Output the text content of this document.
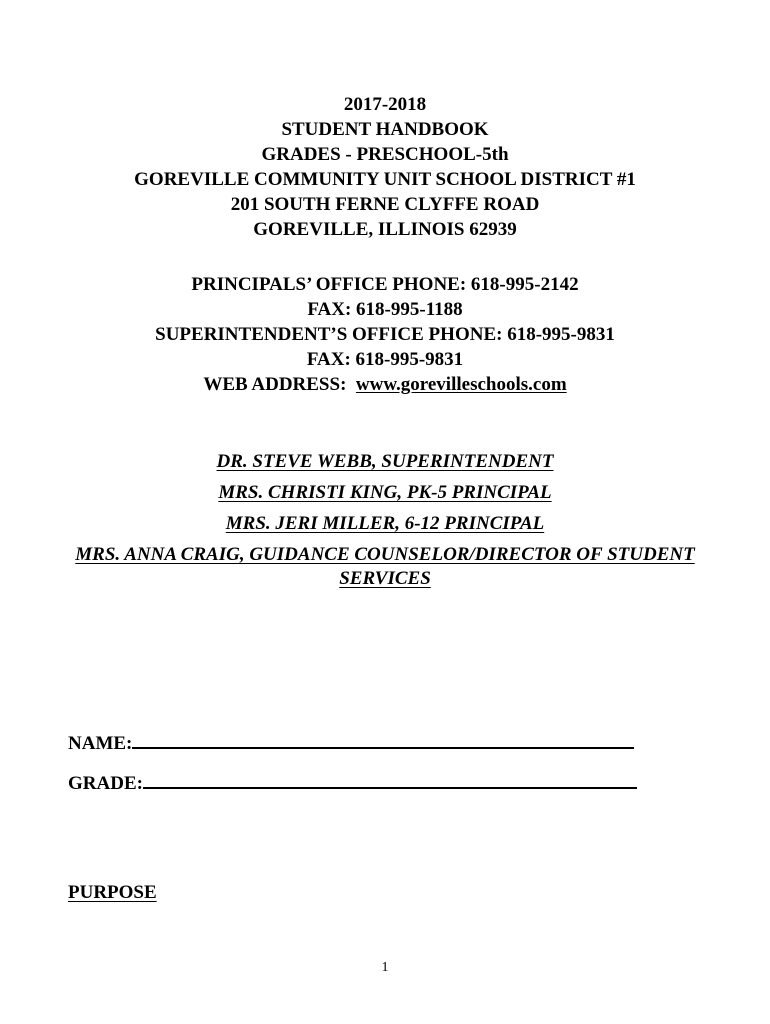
2017-2018
STUDENT HANDBOOK
GRADES - PRESCHOOL-5th
GOREVILLE COMMUNITY UNIT SCHOOL DISTRICT #1
201 SOUTH FERNE CLYFFE ROAD
GOREVILLE, ILLINOIS 62939
PRINCIPALS’ OFFICE PHONE: 618-995-2142
FAX: 618-995-1188
SUPERINTENDENT’S OFFICE PHONE: 618-995-9831
FAX: 618-995-9831
WEB ADDRESS: www.gorevilleschools.com
DR. STEVE WEBB, SUPERINTENDENT
MRS. CHRISTI KING, PK-5 PRINCIPAL
MRS. JERI MILLER, 6-12 PRINCIPAL
MRS. ANNA CRAIG, GUIDANCE COUNSELOR/DIRECTOR OF STUDENT SERVICES
NAME:
GRADE:
PURPOSE
1
